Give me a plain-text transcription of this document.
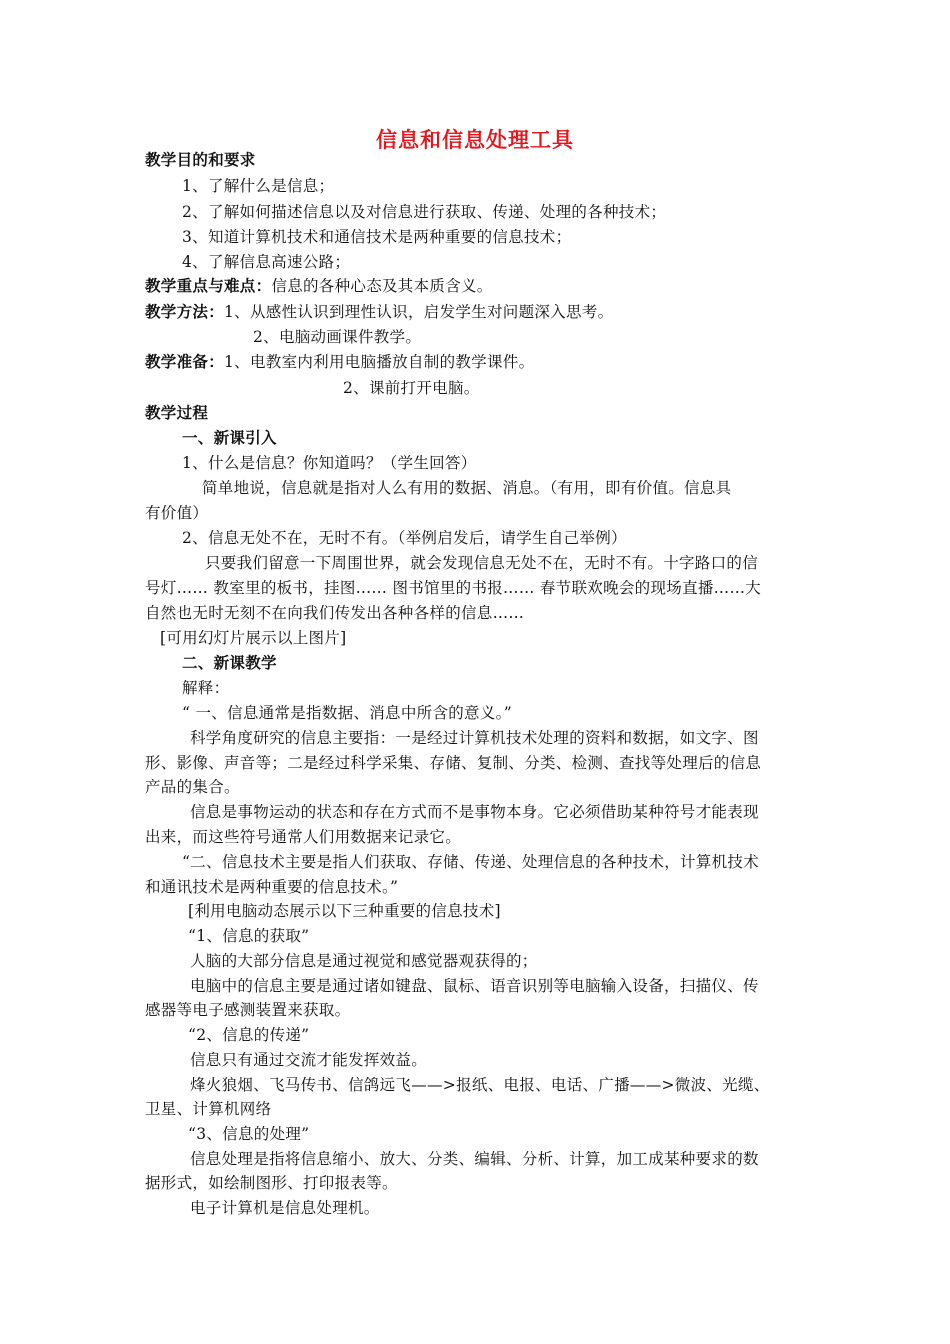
信息和信息处理工具
教学目的和要求
1、了解什么是信息；
2、了解如何描述信息以及对信息进行获取、传递、处理的各种技术；
3、知道计算机技术和通信技术是两种重要的信息技术；
4、了解信息高速公路；
教学重点与难点：信息的各种心态及其本质含义。
教学方法：1、从感性认识到理性认识，启发学生对问题深入思考。
2、电脑动画课件教学。
教学准备：1、电教室内利用电脑播放自制的教学课件。
2、课前打开电脑。
教学过程
一、新课引入
1、什么是信息？你知道吗？（学生回答）
简单地说，信息就是指对人么有用的数据、消息。（有用，即有价值。信息具
有价值）
2、信息无处不在，无时不有。（举例启发后，请学生自己举例）
只要我们留意一下周围世界，就会发现信息无处不在，无时不有。十字路口的信
号灯…… 教室里的板书，挂图…… 图书馆里的书报…… 春节联欢晚会的现场直播……大
自然也无时无刻不在向我们传发出各种各样的信息……
[可用幻灯片展示以上图片]
二、新课教学
解释：
“ 一、信息通常是指数据、消息中所含的意义。”
科学角度研究的信息主要指：一是经过计算机技术处理的资料和数据，如文字、图
形、影像、声音等；二是经过科学采集、存储、复制、分类、检测、查找等处理后的信息
产品的集合。
信息是事物运动的状态和存在方式而不是事物本身。它必须借助某种符号才能表现
出来，而这些符号通常人们用数据来记录它。
“二、信息技术主要是指人们获取、存储、传递、处理信息的各种技术，计算机技术
和通讯技术是两种重要的信息技术。”
[利用电脑动态展示以下三种重要的信息技术]
“1、信息的获取”
人脑的大部分信息是通过视觉和感觉器观获得的；
电脑中的信息主要是通过诸如键盘、鼠标、语音识别等电脑输入设备，扫描仪、传
感器等电子感测装置来获取。
“2、信息的传递”
信息只有通过交流才能发挥效益。
烽火狼烟、飞马传书、信鸽远飞——>报纸、电报、电话、广播——>微波、光缆、
卫星、计算机网络
“3、信息的处理”
信息处理是指将信息缩小、放大、分类、编辑、分析、计算，加工成某种要求的数
据形式，如绘制图形、打印报表等。
电子计算机是信息处理机。
